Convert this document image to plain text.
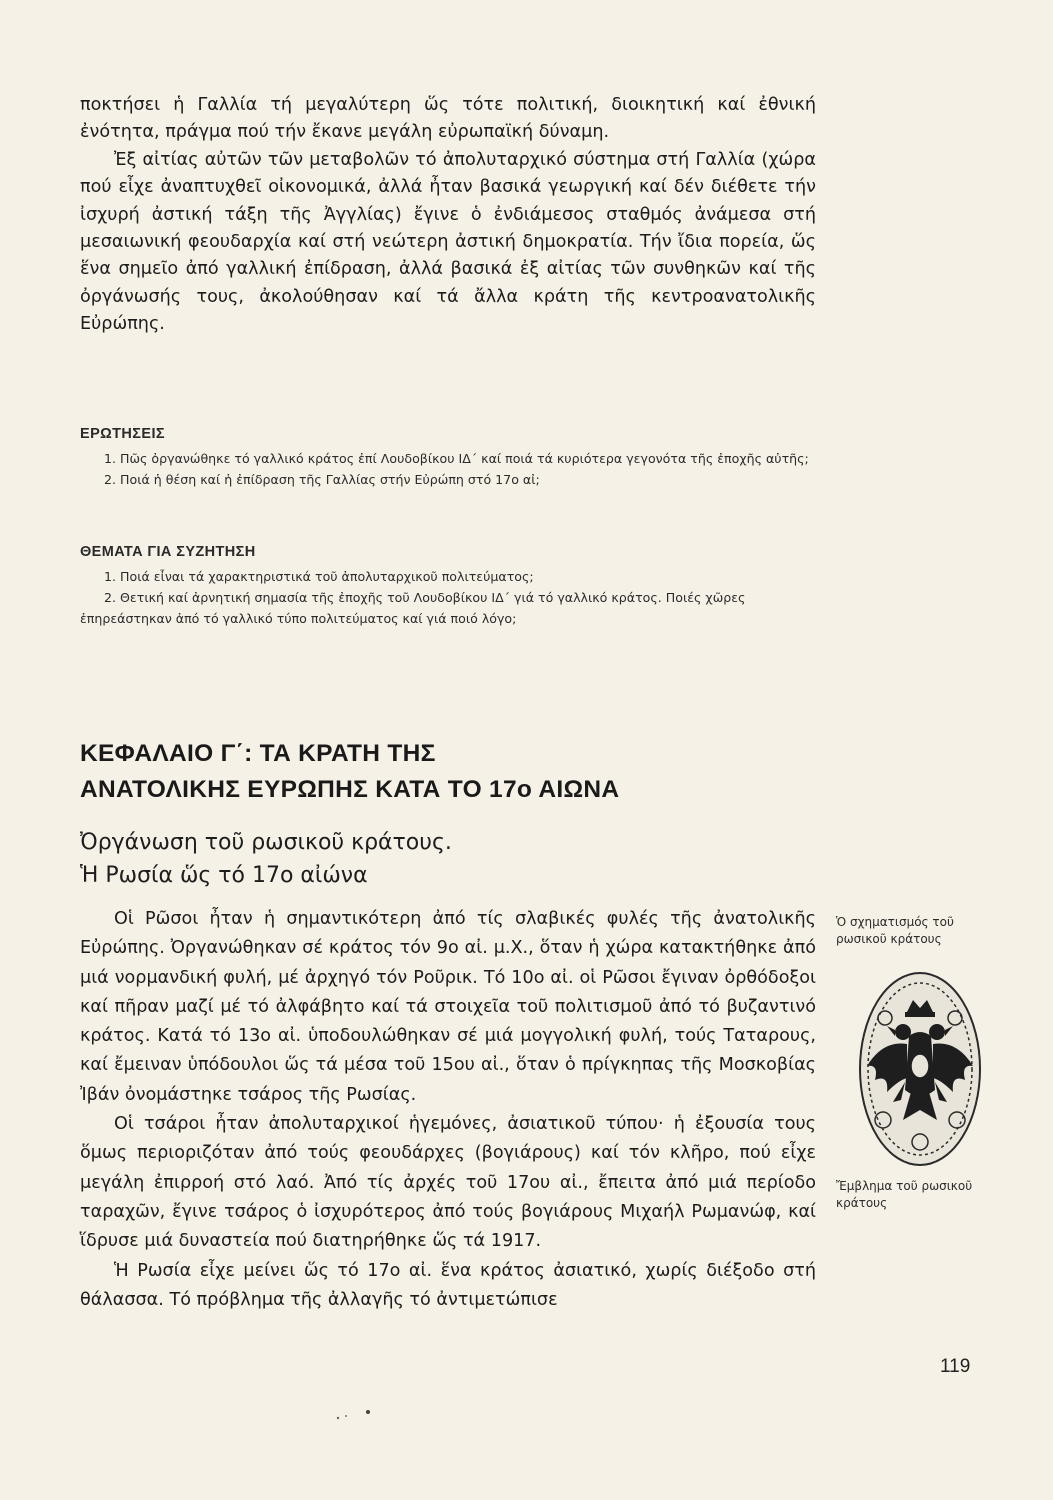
ποκτήσει ἡ Γαλλία τή μεγαλύτερη ὥς τότε πολιτική, διοικητική καί ἐθνική ἐνότητα, πράγμα πού τήν ἔκανε μεγάλη εὐρωπαϊκή δύναμη.

Ἐξ αἰτίας αὐτῶν τῶν μεταβολῶν τό ἀπολυταρχικό σύστημα στή Γαλλία (χώρα πού εἶχε ἀναπτυχθεῖ οἰκονομικά, ἀλλά ἦταν βασικά γεωργική καί δέν διέθετε τήν ἰσχυρή ἀστική τάξη τῆς Ἀγγλίας) ἔγινε ὁ ἐνδιάμεσος σταθμός ἀνάμεσα στή μεσαιωνική φεουδαρχία καί στή νεώτερη ἀστική δημοκρατία. Τήν ἴδια πορεία, ὥς ἕνα σημεῖο ἀπό γαλλική ἐπίδραση, ἀλλά βασικά ἐξ αἰτίας τῶν συνθηκῶν καί τῆς ὀργάνωσής τους, ἀκολούθησαν καί τά ἄλλα κράτη τῆς κεντροανατολικῆς Εὐρώπης.

ΕΡΩΤΗΣΕΙΣ

1. Πῶς ὀργανώθηκε τό γαλλικό κράτος ἐπί Λουδοβίκου ΙΔ΄ καί ποιά τά κυριότερα γεγονότα τῆς ἐποχῆς αὐτῆς;

2. Ποιά ἡ θέση καί ἡ ἐπίδραση τῆς Γαλλίας στήν Εὐρώπη στό 17ο αἰ;

ΘΕΜΑΤΑ ΓΙΑ ΣΥΖΗΤΗΣΗ

1. Ποιά εἶναι τά χαρακτηριστικά τοῦ ἀπολυταρχικοῦ πολιτεύματος;

2. Θετική καί ἀρνητική σημασία τῆς ἐποχῆς τοῦ Λουδοβίκου ΙΔ΄ γιά τό γαλλικό κράτος. Ποιές χῶρες ἐπηρεάστηκαν ἀπό τό γαλλικό τύπο πολιτεύματος καί γιά ποιό λόγο;

ΚΕΦΑΛΑΙΟ Γ΄: ΤΑ ΚΡΑΤΗ ΤΗΣ
ΑΝΑΤΟΛΙΚΗΣ ΕΥΡΩΠΗΣ ΚΑΤΑ ΤΟ 17ο ΑΙΩΝΑ
Ὀργάνωση τοῦ ρωσικοῦ κράτους.
Ἡ Ρωσία ὥς τό 17ο αἰώνα

Οἱ Ρῶσοι ἦταν ἡ σημαντικότερη ἀπό τίς σλαβικές φυλές τῆς ἀνατολικῆς Εὐρώπης. Ὀργανώθηκαν σέ κράτος τόν 9ο αἰ. μ.Χ., ὅταν ἡ χώρα κατακτήθηκε ἀπό μιά νορμανδική φυλή, μέ ἀρχηγό τόν Ροῦρικ. Τό 10ο αἰ. οἱ Ρῶσοι ἔγιναν ὀρθόδοξοι καί πῆραν μαζί μέ τό ἀλφάβητο καί τά στοιχεῖα τοῦ πολιτισμοῦ ἀπό τό βυζαντινό κράτος. Κατά τό 13ο αἰ. ὑποδουλώθηκαν σέ μιά μογγολική φυλή, τούς Ταταρους, καί ἔμειναν ὑπόδουλοι ὥς τά μέσα τοῦ 15ου αἰ., ὅταν ὁ πρίγκηπας τῆς Μοσκοβίας Ἰβάν ὀνομάστηκε τσάρος τῆς Ρωσίας.

Οἱ τσάροι ἦταν ἀπολυταρχικοί ἡγεμόνες, ἀσιατικοῦ τύπου· ἡ ἐξουσία τους ὅμως περιοριζόταν ἀπό τούς φεουδάρχες (βογιάρους) καί τόν κλῆρο, πού εἶχε μεγάλη ἐπιρροή στό λαό. Ἀπό τίς ἀρχές τοῦ 17ου αἰ., ἔπειτα ἀπό μιά περίοδο ταραχῶν, ἔγινε τσάρος ὁ ἰσχυρότερος ἀπό τούς βογιάρους Μιχαήλ Ρωμανώφ, καί ἵδρυσε μιά δυναστεία πού διατηρήθηκε ὥς τά 1917.

Ἡ Ρωσία εἶχε μείνει ὥς τό 17ο αἰ. ἕνα κράτος ἀσιατικό, χωρίς διέξοδο στή θάλασσα. Τό πρόβλημα τῆς ἀλλαγῆς τό ἀντιμετώπισε

Ὁ σχηματισμός τοῦ ρωσικοῦ κράτους
Ἔμβλημα τοῦ ρωσικοῦ κράτους
119
